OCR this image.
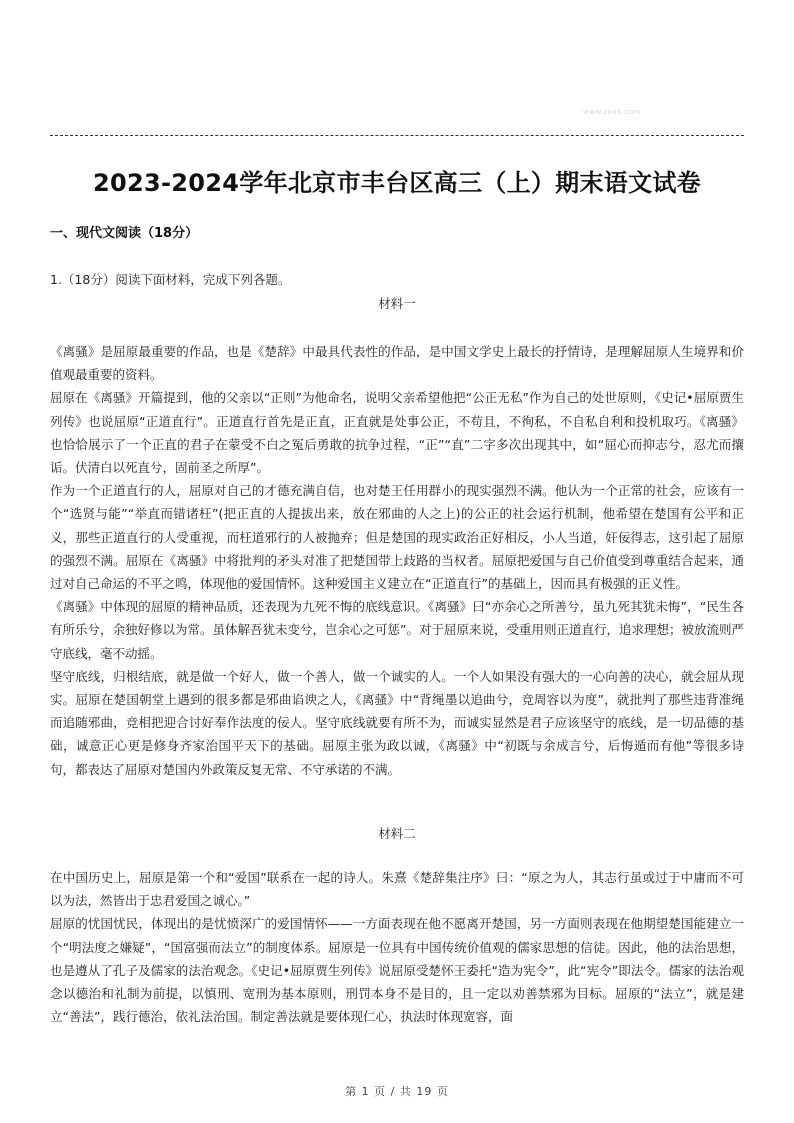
www.zxxk.com
2023-2024学年北京市丰台区高三（上）期末语文试卷
一、现代文阅读（18分）
1.（18分）阅读下面材料，完成下列各题。
材料一

《离骚》是屈原最重要的作品，也是《楚辞》中最具代表性的作品，是中国文学史上最长的抒情诗，是理解屈原人生境界和价值观最重要的资料。

屈原在《离骚》开篇提到，他的父亲以“正则”为他命名，说明父亲希望他把“公正无私”作为自己的处世原则，《史记•屈原贾生列传》也说屈原“正道直行”。正道直行首先是正直，正直就是处事公正，不苟且，不徇私，不自私自利和投机取巧。《离骚》也恰恰展示了一个正直的君子在蒙受不白之冤后勇敢的抗争过程，“正”“直”二字多次出现其中，如“屈心而抑志兮，忍尤而攘诟。伏清白以死直兮，固前圣之所厚”。

作为一个正道直行的人，屈原对自己的才德充满自信，也对楚王任用群小的现实强烈不满。他认为一个正常的社会，应该有一个“选贤与能”“举直而错诸枉”(把正直的人提拔出来，放在邪曲的人之上)的公正的社会运行机制，他希望在楚国有公平和正义，那些正道直行的人受重视，而枉道邪行的人被抛弃；但是楚国的现实政治正好相反，小人当道，奸佞得志，这引起了屈原的强烈不满。屈原在《离骚》中将批判的矛头对准了把楚国带上歧路的当权者。屈原把爱国与自己价值受到尊重结合起来，通过对自己命运的不平之鸣，体现他的爱国情怀。这种爱国主义建立在“正道直行”的基础上，因而具有极强的正义性。

《离骚》中体现的屈原的精神品质，还表现为九死不悔的底线意识。《离骚》曰“亦余心之所善兮，虽九死其犹未悔”，“民生各有所乐兮，余独好修以为常。虽体解吾犹未变兮，岂余心之可惩”。对于屈原来说，受重用则正道直行，追求理想；被放流则严守底线，毫不动摇。

坚守底线，归根结底，就是做一个好人，做一个善人，做一个诚实的人。一个人如果没有强大的一心向善的决心，就会屈从现实。屈原在楚国朝堂上遇到的很多都是邪曲谄谀之人，《离骚》中“背绳墨以追曲兮，竞周容以为度”，就批判了那些违背准绳而追随邪曲，竞相把迎合讨好奉作法度的佞人。坚守底线就要有所不为，而诚实显然是君子应该坚守的底线，是一切品德的基础，诚意正心更是修身齐家治国平天下的基础。屈原主张为政以诚，《离骚》中“初既与余成言兮，后悔遁而有他”等很多诗句，都表达了屈原对楚国内外政策反复无常、不守承诺的不满。

材料二

在中国历史上，屈原是第一个和“爱国”联系在一起的诗人。朱熹《楚辞集注序》曰：“原之为人，其志行虽或过于中庸而不可以为法，然皆出于忠君爱国之诚心。”

屈原的忧国忧民，体现出的是忧愤深广的爱国情怀——一方面表现在他不愿离开楚国，另一方面则表现在他期望楚国能建立一个“明法度之嫌疑”，“国富强而法立”的制度体系。屈原是一位具有中国传统价值观的儒家思想的信徒。因此，他的法治思想，也是遵从了孔子及儒家的法治观念。《史记•屈原贾生列传》说屈原受楚怀王委托“造为宪令”，此“宪令”即法令。儒家的法治观念以德治和礼制为前提，以慎刑、宽刑为基本原则，刑罚本身不是目的，且一定以劝善禁邪为目标。屈原的“法立”，就是建立“善法”，践行德治，依礼法治国。制定善法就是要体现仁心，执法时体现宽容，面

第 1 页 / 共 19 页
